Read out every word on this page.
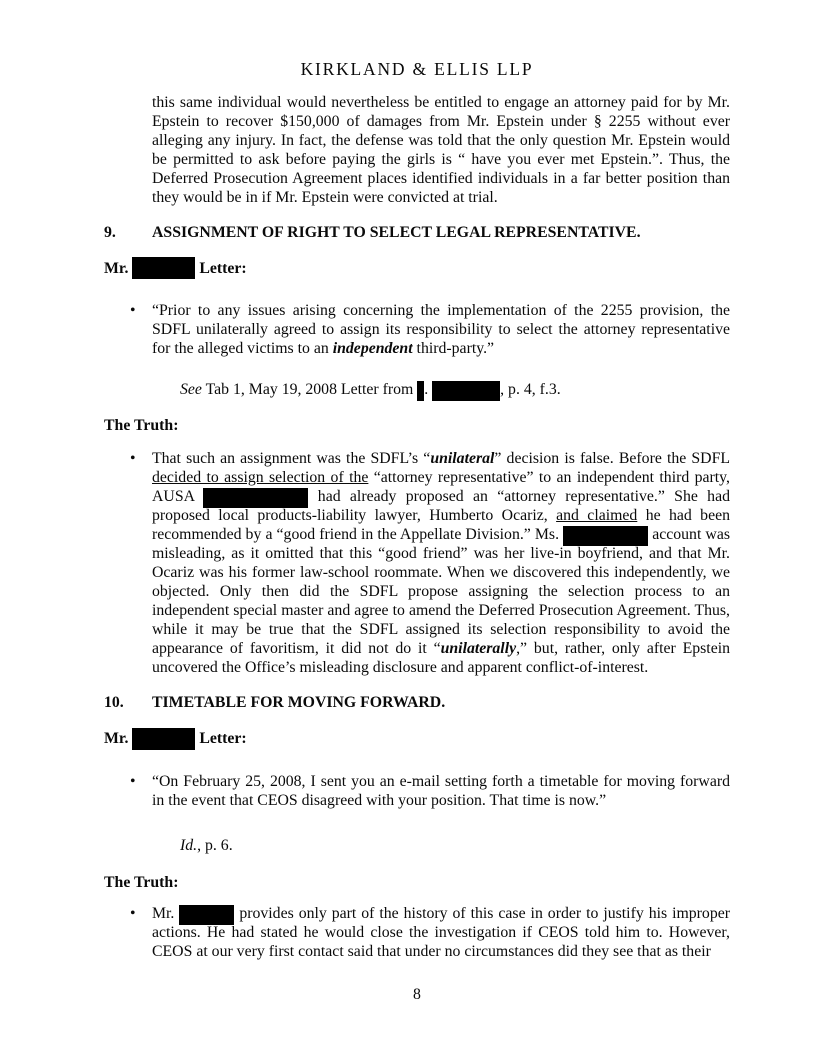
KIRKLAND & ELLIS LLP
this same individual would nevertheless be entitled to engage an attorney paid for by Mr. Epstein to recover $150,000 of damages from Mr. Epstein under § 2255 without ever alleging any injury. In fact, the defense was told that the only question Mr. Epstein would be permitted to ask before paying the girls is “ have you ever met Epstein.”. Thus, the Deferred Prosecution Agreement places identified individuals in a far better position than they would be in if Mr. Epstein were convicted at trial.
9. ASSIGNMENT OF RIGHT TO SELECT LEGAL REPRESENTATIVE.
Mr.	Letter:
• “Prior to any issues arising concerning the implementation of the 2255 provision, the SDFL unilaterally agreed to assign its responsibility to select the attorney representative for the alleged victims to an independent third-party.”
See Tab 1, May 19, 2008 Letter from .	, p. 4, f.3.
The Truth:
• That such an assignment was the SDFL’s “unilateral” decision is false. Before the SDFL decided to assign selection of the “attorney representative” to an independent third party, AUSA	had already proposed an “attorney representative.” She had proposed local products-liability lawyer, Humberto Ocariz, and claimed he had been recommended by a “good friend in the Appellate Division.” Ms.	account was misleading, as it omitted that this “good friend” was her live-in boyfriend, and that Mr. Ocariz was his former law-school roommate. When we discovered this independently, we objected. Only then did the SDFL propose assigning the selection process to an independent special master and agree to amend the Deferred Prosecution Agreement. Thus, while it may be true that the SDFL assigned its selection responsibility to avoid the appearance of favoritism, it did not do it “unilaterally,” but, rather, only after Epstein uncovered the Office’s misleading disclosure and apparent conflict-of-interest.
10. TIMETABLE FOR MOVING FORWARD.
Mr.	Letter:
• “On February 25, 2008, I sent you an e-mail setting forth a timetable for moving forward in the event that CEOS disagreed with your position. That time is now.”
Id., p. 6.
The Truth:
• Mr.	provides only part of the history of this case in order to justify his improper actions. He had stated he would close the investigation if CEOS told him to. However, CEOS at our very first contact said that under no circumstances did they see that as their
8
